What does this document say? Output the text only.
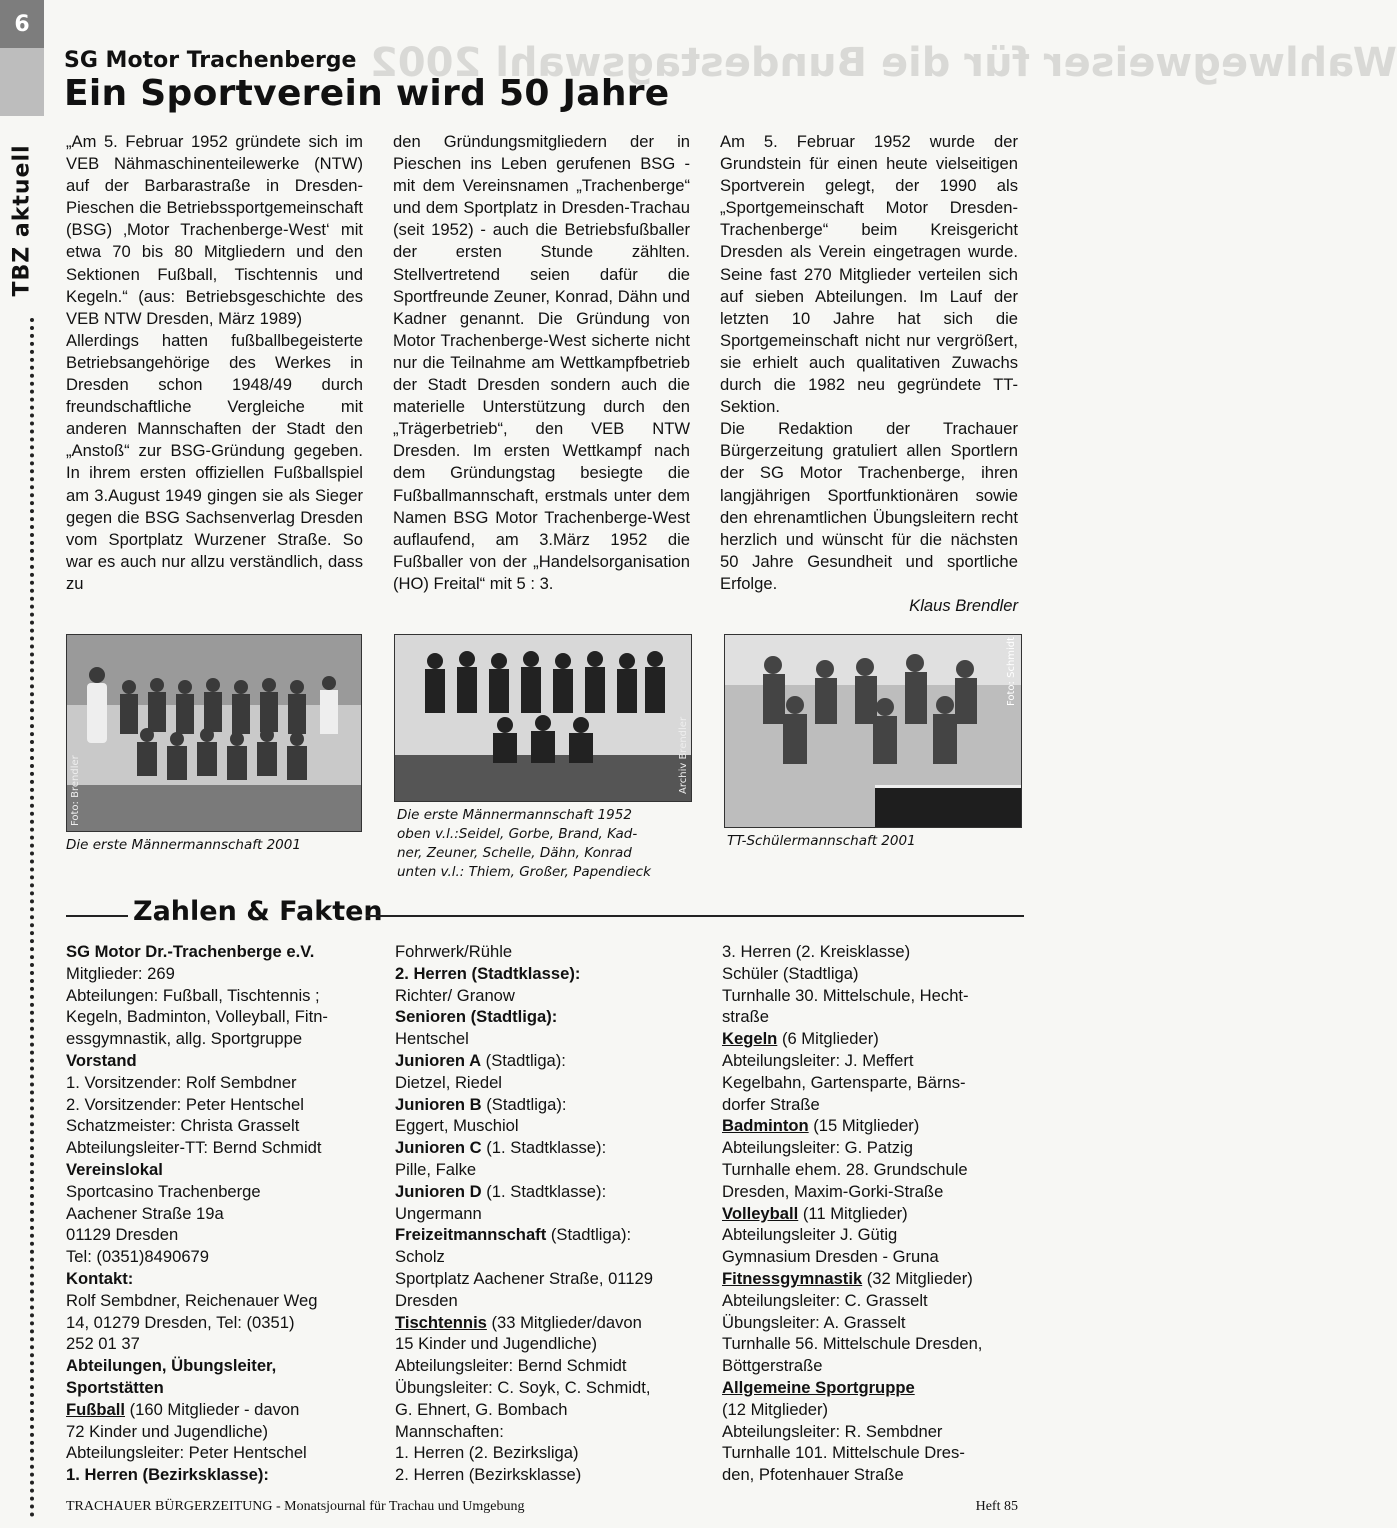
6
TBZ aktuell
Wahlwegweiser für die Bundestagswahl 2002
SG Motor Trachenberge
Ein Sportverein wird 50 Jahre

„Am 5. Februar 1952 gründete sich im VEB Nähmaschinenteilewerke (NTW) auf der Barbarastraße in Dresden-Pieschen die Betriebssportgemeinschaft (BSG) ‚Motor Trachenberge-West‘ mit etwa 70 bis 80 Mitgliedern und den Sektionen Fußball, Tischtennis und Kegeln.“ (aus: Betriebsgeschichte des VEB NTW Dresden, März 1989)

Allerdings hatten fußballbegeisterte Betriebsangehörige des Werkes in Dresden schon 1948/49 durch freundschaftliche Vergleiche mit anderen Mannschaften der Stadt den „Anstoß“ zur BSG-Gründung gegeben. In ihrem ersten offiziellen Fußballspiel am 3.August 1949 gingen sie als Sieger gegen die BSG Sachsenverlag Dresden vom Sportplatz Wurzener Straße. So war es auch nur allzu verständlich, dass zu

den Gründungsmitgliedern der in Pieschen ins Leben gerufenen BSG - mit dem Vereinsnamen „Trachenberge“ und dem Sportplatz in Dresden-Trachau (seit 1952) - auch die Betriebsfußballer der ersten Stunde zählten. Stellvertretend seien dafür die Sportfreunde Zeuner, Konrad, Dähn und Kadner genannt. Die Gründung von Motor Trachenberge-West sicherte nicht nur die Teilnahme am Wettkampfbetrieb der Stadt Dresden sondern auch die materielle Unterstützung durch den „Trägerbetrieb“, den VEB NTW Dresden. Im ersten Wettkampf nach dem Gründungstag besiegte die Fußballmannschaft, erstmals unter dem Namen BSG Motor Trachenberge-West auflaufend, am 3.März 1952 die Fußballer von der „Handelsorganisation (HO) Freital“ mit 5 : 3.

Am 5. Februar 1952 wurde der Grundstein für einen heute vielseitigen Sportverein gelegt, der 1990 als „Sportgemeinschaft Motor Dresden-Trachenberge“ beim Kreisgericht Dresden als Verein eingetragen wurde. Seine fast 270 Mitglieder verteilen sich auf sieben Abteilungen. Im Lauf der letzten 10 Jahre hat sich die Sportgemeinschaft nicht nur vergrößert, sie erhielt auch qualitativen Zuwachs durch die 1982 neu gegründete TT-Sektion.

Die Redaktion der Trachauer Bürgerzeitung gratuliert allen Sportlern der SG Motor Trachenberge, ihren langjährigen Sportfunktionären sowie den ehrenamtlichen Übungsleitern recht herzlich und wünscht für die nächsten 50 Jahre Gesundheit und sportliche Erfolge.

Klaus Brendler

Foto: Brendler
Die erste Männermannschaft 2001
Archiv Brendler
Die erste Männermannschaft 1952
oben v.l.:Seidel, Gorbe, Brand, Kad-
ner, Zeuner, Schelle, Dähn, Konrad
unten v.l.: Thiem, Großer, Papendieck
Foto: Schmidt
TT-Schülermannschaft 2001
Zahlen & Fakten
SG Motor Dr.-Trachenberge e.V.
Mitglieder: 269
Abteilungen: Fußball, Tischtennis ;
Kegeln, Badminton, Volleyball, Fitn-
essgymnastik, allg. Sportgruppe
Vorstand
1. Vorsitzender: Rolf Sembdner
2. Vorsitzender: Peter Hentschel
Schatzmeister: Christa Grasselt
Abteilungsleiter-TT: Bernd Schmidt
Vereinslokal
Sportcasino Trachenberge
Aachener Straße 19a
01129 Dresden
Tel: (0351)8490679
Kontakt:
Rolf Sembdner, Reichenauer Weg
14, 01279 Dresden, Tel: (0351)
252 01 37
Abteilungen, Übungsleiter,
Sportstätten
Fußball (160 Mitglieder - davon
72 Kinder und Jugendliche)
Abteilungsleiter: Peter Hentschel
1. Herren (Bezirksklasse):
Fohrwerk/Rühle
2. Herren (Stadtklasse):
Richter/ Granow
Senioren (Stadtliga):
Hentschel
Junioren A (Stadtliga):
Dietzel, Riedel
Junioren B (Stadtliga):
Eggert, Muschiol
Junioren C (1. Stadtklasse):
Pille, Falke
Junioren D (1. Stadtklasse):
Ungermann
Freizeitmannschaft (Stadtliga):
Scholz
Sportplatz Aachener Straße, 01129
Dresden
Tischtennis (33 Mitglieder/davon
15 Kinder und Jugendliche)
Abteilungsleiter: Bernd Schmidt
Übungsleiter: C. Soyk, C. Schmidt,
G. Ehnert, G. Bombach
Mannschaften:
1. Herren (2. Bezirksliga)
2. Herren (Bezirksklasse)
3. Herren (2. Kreisklasse)
Schüler (Stadtliga)
Turnhalle 30. Mittelschule, Hecht-
straße
Kegeln (6 Mitglieder)
Abteilungsleiter: J. Meffert
Kegelbahn, Gartensparte, Bärns-
dorfer Straße
Badminton (15 Mitglieder)
Abteilungsleiter: G. Patzig
Turnhalle ehem. 28. Grundschule
Dresden, Maxim-Gorki-Straße
Volleyball (11 Mitglieder)
Abteilungsleiter J. Gütig
Gymnasium Dresden - Gruna
Fitnessgymnastik (32 Mitglieder)
Abteilungsleiter: C. Grasselt
Übungsleiter: A. Grasselt
Turnhalle 56. Mittelschule Dresden,
Böttgerstraße
Allgemeine Sportgruppe
(12 Mitglieder)
Abteilungsleiter: R. Sembdner
Turnhalle 101. Mittelschule Dres-
den, Pfotenhauer Straße
TRACHAUER BÜRGERZEITUNG - Monatsjournal für Trachau und Umgebung	Heft 85
